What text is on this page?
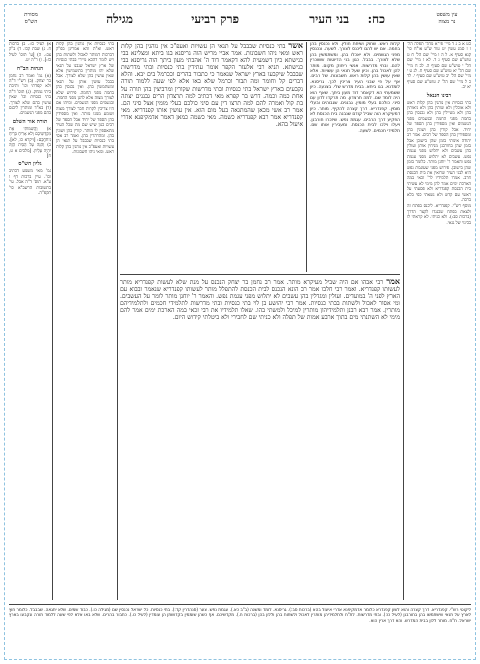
עין משפט
נר מצוה
כח:
בני העיר
פרק רביעי
מגילה
מסורת
הש"ס

כט א ב ג ד מיי' פי"א מהל' תפלה הל' ו ז סמג עשין יט טור ש"ע או"ח סי' קנא סעיף א. ל ה ו מיי' שם הל' ח ט טוש"ע שם סעיף ג ד. לא ז מיי' שם הל' י טוש"ע שם סעיף ה. לב ח מיי' שם הל' יא טוש"ע שם סעיף ח. לג ט י מיי' שם הל' יב טוש"ע שם סעיף י. לד כ ל מיי' שם הל' יג טוש"ע שם סעיף יא יב.

רבינו חננאל

בתי כנסיות אין נוהגין בהן קלות ראש ולא אוכלין ולא שותין בהן ולא ניאותין בהן ולא מטיילין בהן ולא נכנסין בהן בחמה מפני החמה ובגשמים מפני הגשמים ואין מספידין בהן הספד של יחיד. אבל קורין בהן ושונין בהן ומספידין בהן הספד של רבים. אמר רב יהודה אימתי בזמן שהן בישובן אבל בזמן שהן בחורבנן מניחין אותן ועולין בהן עשבים ולא יתלוש מפני עגמת נפש. עשבים לא יתלוש מפני עגמת נפש והאמר ר' יוחנן מותר. כלומר בזמן שהן בישובן. פירוש מפני שעוגמת נפש היא לבני העיר שרואין את בית הכנסת חרב. אמרו תלמידיו לר' זכאי במה הארכת ימים אמר להן מימי לא עשיתי בית הכנסת קפנדריא ולא פסעתי על ראשי עם קדש ולא נשאתי כפי בלא ברכה.

מוסף רש"י. קפנדריא. ליכנס בפתח זה ולצאת בפתח שכנגדו לקצר הדרך (ברכות סב:). ולא כניתי. לא קראתי לו בכינוי של גנאי.

קלות ראש. שחוק ושיחת חולין. ולא נכנסין בהן בחמה. אם יש להם ליכנס לצורך. לשעה. ונכנסין מפני הגשמים. ולא יאכלו בהן. ומשתמשין בהן שלא לצורך. בבבל. כגון בני הדיוטות ששוכרין להם. ובתי מדרשות. אנשי ריחוק מקום. מותר להן לאכול בהן. וכיון שעל תנאי הן עשויות. אלא שאין עושין בהן קלות ראש. חשבונות. של רבים. אף על פי שבני העיר צריכין לכך. גריסנא. לומדנא. בגו ביתא. בבית מדרש שלי. בצנעה. כיון ששמעתי הא דקאמר דוד מעון ביתך. שאף הוא היה לומד שם. למה תרצדון. מה תרקדו לדון עם סיני. כולכם בעלי מומין. גבננים. שגבוהים ובעלי מומין. קפנדריא. דרך קצרה להקיף. מותר. כיון דמעיקרא הוה שביל קודם שנבנה בית הכנסת לא הפקיע דרך הרבים. עגמת נפש. שיזכרו חורבנן. ויעלו וילכו לבית הכנסת. ומעבירין אותו שם. תלמידי חכמים. לשעה.

אשר בתי כנסיות שבבבל על תנאי הן עשויות ואעפ"כ אין נוהגין בהן קלות ראש ומאי ניהו חשבונות. אמר אביי מריש הוה גריסנא בגו ביתא ומצלינא בבי כנישתא כיון דשמעית להא דקאמר דוד ה' אהבתי מעון ביתך הוה גריסנא בבי כנישתא. תניא רבי אלעזר הקפר אומר עתידין בתי כנסיות ובתי מדרשות שבבבל שיקבעו בארץ ישראל שנאמר כי כתבור בהרים וככרמל בים יבא. והלא דברים קל וחומר ומה תבור וכרמל שלא באו אלא לפי שעה ללמוד תורה נקבעים בארץ ישראל בתי כנסיות ובתי מדרשות שקורין ומרביצין בהן תורה על אחת כמה וכמה. דרש בר קפרא מאי דכתיב למה תרצדון הרים גבננים יצתה בת קול ואמרה להם למה תרצו דין עם סיני כולכם בעלי מומין אצל סיני הם. אמר רב אשי מכאן שהמתגאה בעל מום הוא. אין עושין אותו קפנדריא. מאי קפנדריא אמר רבא קפנדריא כשמה. מאי כשמה כמאן דאמר אדמקיפנא אדרי איעול בהא.

אמר רבי אבהו אם היה שביל מעיקרא מותר. אמר רב נחמן בר יצחק הנכנס על מנת שלא לעשות קפנדריא מותר לעשותו קפנדריא. ואמר רבי חלבו אמר רב הונא הנכנס לבית הכנסת להתפלל מותר לעשותו קפנדריא שנאמר ובבוא עם הארץ לפני ה' במועדים. ועולין ומגדלין בהן עשבים לא יתלוש מפני עגמת נפש. והאמר ר' יוחנן מותר לומר על העשבים. ומי אסור לאכול ולשתות בבתי כנסיות. אמר רבי יהושע בן לוי בתי כנסיות ובתי מדרשות לתלמידי חכמים ולתלמידיהם מותרין. אמר רבא רבנן ותלמידיהון מותרין למיכל ולמשתי בהו. שאלו תלמידיו את רבי זכאי במה הארכת ימים אמר להם מימי לא השתנתי מים בתוך ארבע אמות של תפלה ולא כניתי שם לחבירי ולא ביטלתי קידוש היום.

בתי כנסיות אין נוהגין בהן קלות ראש. וא"ת והא אמרינן בפ"ק דברכות דמותר לאכול ולשתות בהן ויש לומר דהכא מיירי בבתי כנסיות של ארץ ישראל שנבנו על תנאי שלא יהו מותרין בתשמישין אלא שאין עושין בהן שלא לצורך. אבל בבבל עושין אותן על תנאי ומשתמשין בהן. ואין נכנסין בהן בחמה מפני החמה. פירוש שלא לצורך מצוה אלא להגן מפני החמה. ובגשמים מפני הגשמים. ומיהו אם היו צריכין לקרות חבר לצורך מצוה ושומע ממנו מותר. ואין מספידין בהן הספד של יחיד אבל הספד של רבים כגון שיש שם מת שכל העיר מתאספין לו מותר. קורין בהן ושונין בהן. ומהרהרין בהן. ואמר רב אסי בתי כנסיות שבבבל על תנאי הן עשויות ואעפ"כ אין נוהגין בהן קלות ראש. ומאי ניהו חשבונות.

א) לעיל כו:. ב) ברכות ח. ג) שבת קכז. ד) ב"ק צב:. ה) [ע' תוס' לעיל כז:]. ו) ר"ה יט.

הגהות הב"ח

(א) גמ' ואמר רב נחמן בר יצחק. (ב) רש"י ד"ה ולא קפדתי וכו' ותיבת ביתי נמחק. (ג) תוס' ד"ה בתי כנסיות וכו' שאין עושין בהם שלא לצורך. (ד) בא"ד ומותרין ליכנס בהם מפני הגשמים.

תורה אור השלם

א) וַהֲשִׁמּוֹתִי אֶת מִקְדְּשֵׁיכֶם וְלֹא אָרִיחַ בְּרֵיחַ נִיחֹחֲכֶם: [ויקרא כו, לא]. ב) וְהִנֵּה עַל הַבַּיִת הַזֶּה יִהְיֶה עֶלְיוֹן. [מלכים א ט, ח]

גליון הש"ס

גמ' מאי משמע דכתיב וכו'. עיין ברכות דף ו ע"א. תוס' ד"ה אבל. עי' בתשובות הרשב"א סי' תקפ"ה.

ליקוטי רש"י. קפנדריא. דרך קצרה והוא לשון קפנדרא כלומר אדמקיפנא אדרי איעול בהא (ברכות סב:). גריסנא. לומד ומשנה (ב"ב כא.). עגמת נפש. צער (סנהדרין קד:). בתי כנסיות. כל ישראל נכנסין שם (מגילה כו.). כבוד שמים. שלא יתגאה. שבבבל. כלומר חוץ לארץ על תנאי שישתמשו בהן בחורבנן (לעיל כו:). ובתי מדרשות. לת"ח ולתלמידיהן מותרין לאכול ולשתות בהן וללון בהן (ברכות ח.). מקדשיכם. אף כשהן שוממין בקדושתן הן עומדין (לעיל כו.). כתבור בהרים. שלא באו אלא לפי שעה ללמוד תורה ונקבעו בארץ ישראל. ת"ח. מותר ללון בבית המדרש. והא דרך ארץ הוא.
